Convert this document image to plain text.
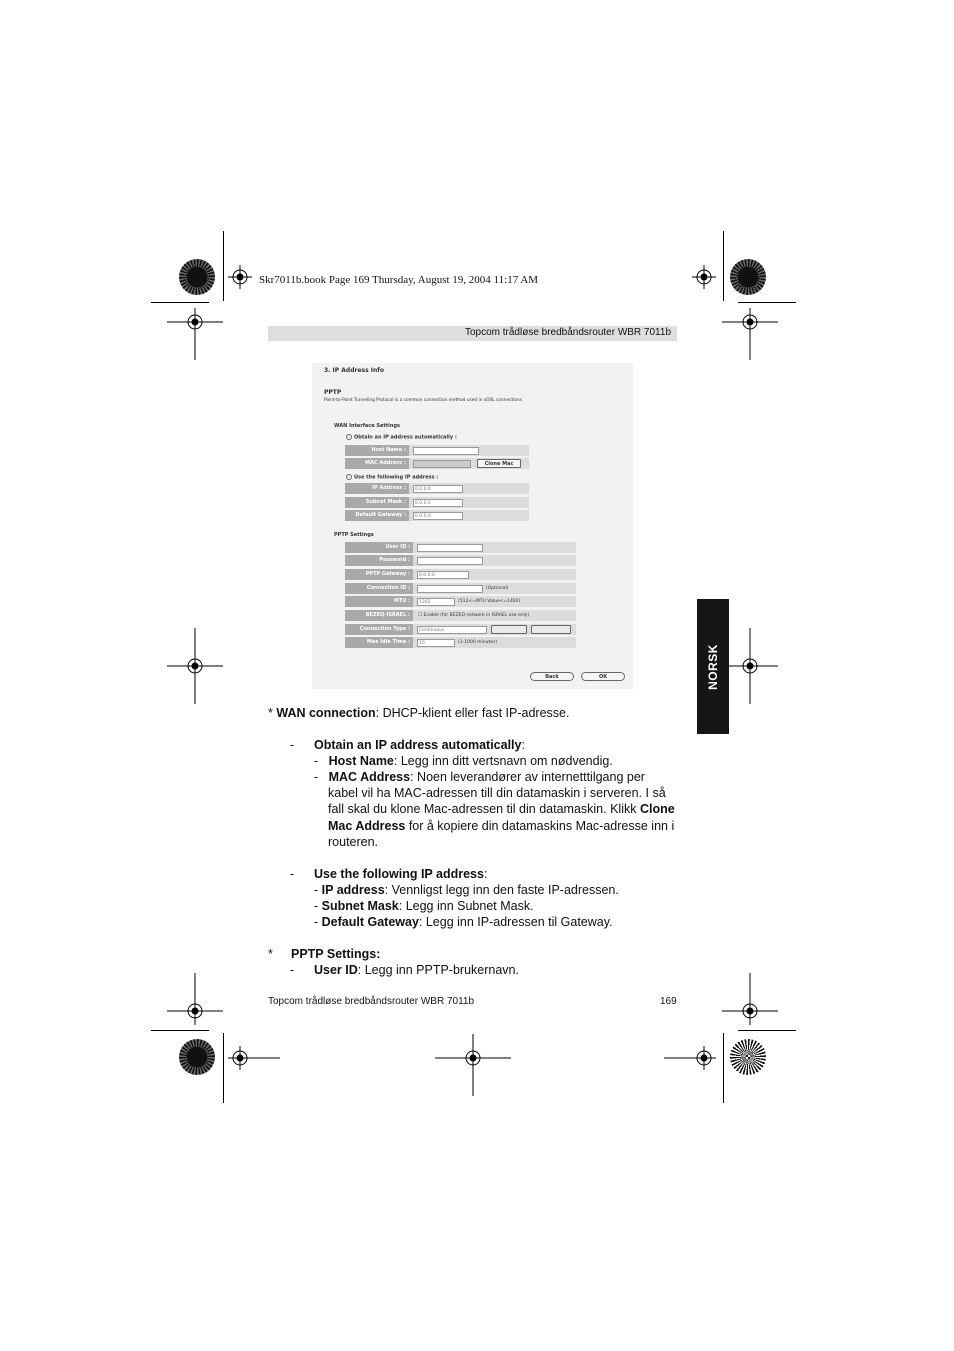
Skr7011b.book Page 169 Thursday, August 19, 2004 11:17 AM
Topcom trådløse bredbåndsrouter WBR 7011b
NORSK
3. IP Address Info
PPTP
Point-to-Point Tunneling Protocol is a common connection method used in xDSL connections
WAN Interface Settings
Obtain an IP address automatically :
Host Name :
MAC Address :	Clone Mac
Use the following IP address :
IP Address :	0.0.0.0
Subnet Mask :	0.0.0.0
Default Gateway :	0.0.0.0
PPTP Settings
User ID :
Password :
PPTP Gateway :	0.0.0.0
Connection ID :	(Optional)
MTU :	1392	(512<=MTU Value<=1492)
BEZEQ-ISRAEL :	☐ Enable (for BEZEQ network in ISRAEL use only)
Connection Type :	Continuous
Max Idle Time :	10	(1-1000 minutes)
Back	OK
* WAN connection: DHCP-klient eller fast IP-adresse.
- Obtain an IP address automatically:
-   Host Name: Legg inn ditt vertsnavn om nødvendig.
-   MAC Address: Noen leverandører av internetttilgang per
kabel vil ha MAC-adressen till din datamaskin i serveren. I så
fall skal du klone Mac-adressen til din datamaskin. Klikk Clone
Mac Address for å kopiere din datamaskins Mac-adresse inn i
routeren.
- Use the following IP address:
- IP address: Vennligst legg inn den faste IP-adressen.
- Subnet Mask: Legg inn Subnet Mask.
- Default Gateway: Legg inn IP-adressen til Gateway.
* PPTP Settings:
- User ID: Legg inn PPTP-brukernavn.
Topcom trådløse bredbåndsrouter WBR 7011b	169
